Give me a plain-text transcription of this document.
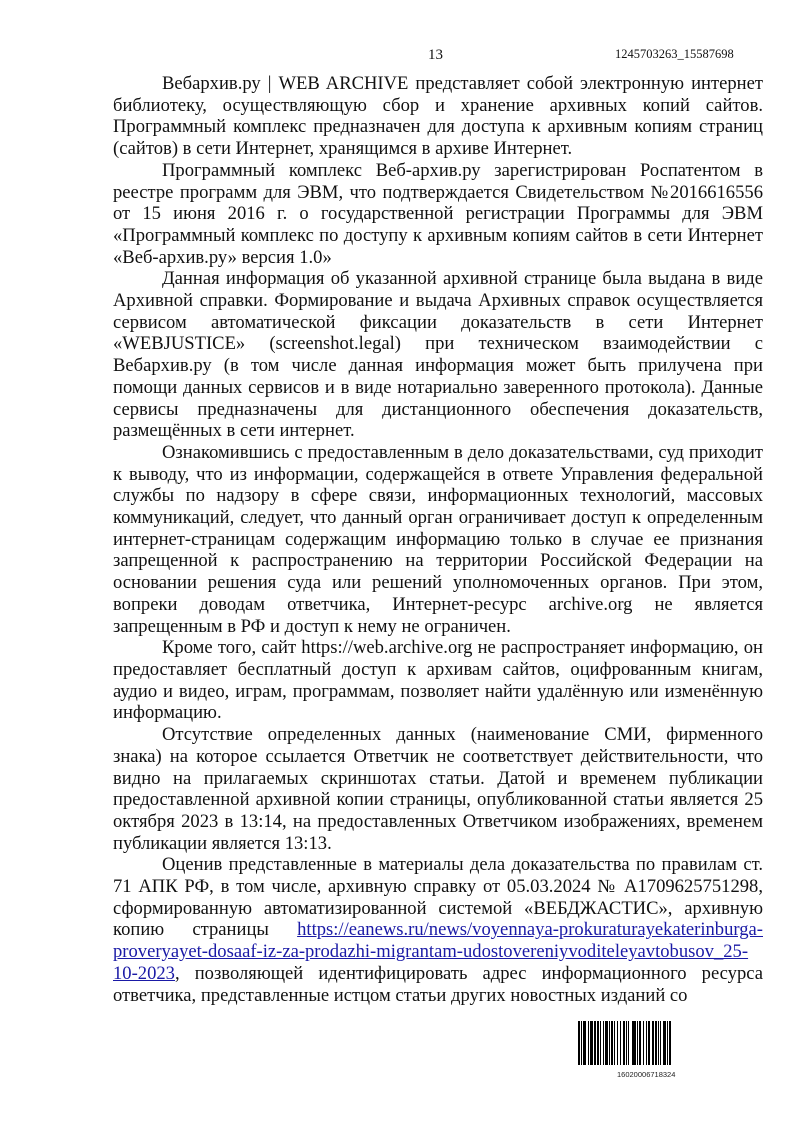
13	1245703263_15587698

Вебархив.ру | WEB ARCHIVE представляет собой электронную интернет библиотеку, осуществляющую сбор и хранение архивных копий сайтов. Программный комплекс предназначен для доступа к архивным копиям страниц (сайтов) в сети Интернет, хранящимся в архиве Интернет.

Программный комплекс Веб-архив.ру зарегистрирован Роспатентом в реестре программ для ЭВМ, что подтверждается Свидетельством №2016616556 от 15 июня 2016 г. о государственной регистрации Программы для ЭВМ «Программный комплекс по доступу к архивным копиям сайтов в сети Интернет «Веб-архив.ру» версия 1.0»

Данная информация об указанной архивной странице была выдана в виде Архивной справки. Формирование и выдача Архивных справок осуществляется сервисом автоматической фиксации доказательств в сети Интернет «WEBJUSTICE» (screenshot.legal) при техническом взаимодействии с Вебархив.ру (в том числе данная информация может быть прилучена при помощи данных сервисов и в виде нотариально заверенного протокола). Данные сервисы предназначены для дистанционного обеспечения доказательств, размещённых в сети интернет.

Ознакомившись с предоставленным в дело доказательствами, суд приходит к выводу, что из информации, содержащейся в ответе Управления федеральной службы по надзору в сфере связи, информационных технологий, массовых коммуникаций, следует, что данный орган ограничивает доступ к определенным интернет-страницам содержащим информацию только в случае ее признания запрещенной к распространению на территории Российской Федерации на основании решения суда или решений уполномоченных органов. При этом, вопреки доводам ответчика, Интернет-ресурс archive.org не является запрещенным в РФ и доступ к нему не ограничен.

Кроме того, сайт https://web.archive.org не распространяет информацию, он предоставляет бесплатный доступ к архивам сайтов, оцифрованным книгам, аудио и видео, играм, программам, позволяет найти удалённую или изменённую информацию.

Отсутствие определенных данных (наименование СМИ, фирменного знака) на которое ссылается Ответчик не соответствует действительности, что видно на прилагаемых скриншотах статьи. Датой и временем публикации предоставленной архивной копии страницы, опубликованной статьи является 25 октября 2023 в 13:14, на предоставленных Ответчиком изображениях, временем публикации является 13:13.

Оценив представленные в материалы дела доказательства по правилам ст. 71 АПК РФ, в том числе, архивную справку от 05.03.2024 № А1709625751298, сформированную автоматизированной системой «ВЕБДЖАСТИС», архивную копию страницы https://eanews.ru/news/voyennaya-prokuraturayekaterinburga-proveryayet-dosaaf-iz-za-prodazhi-migrantam-udostovereniyvoditeleyavtobusov_25-10-2023, позволяющей идентифицировать адрес информационного ресурса ответчика, представленные истцом статьи других новостных изданий со

16020006718324
